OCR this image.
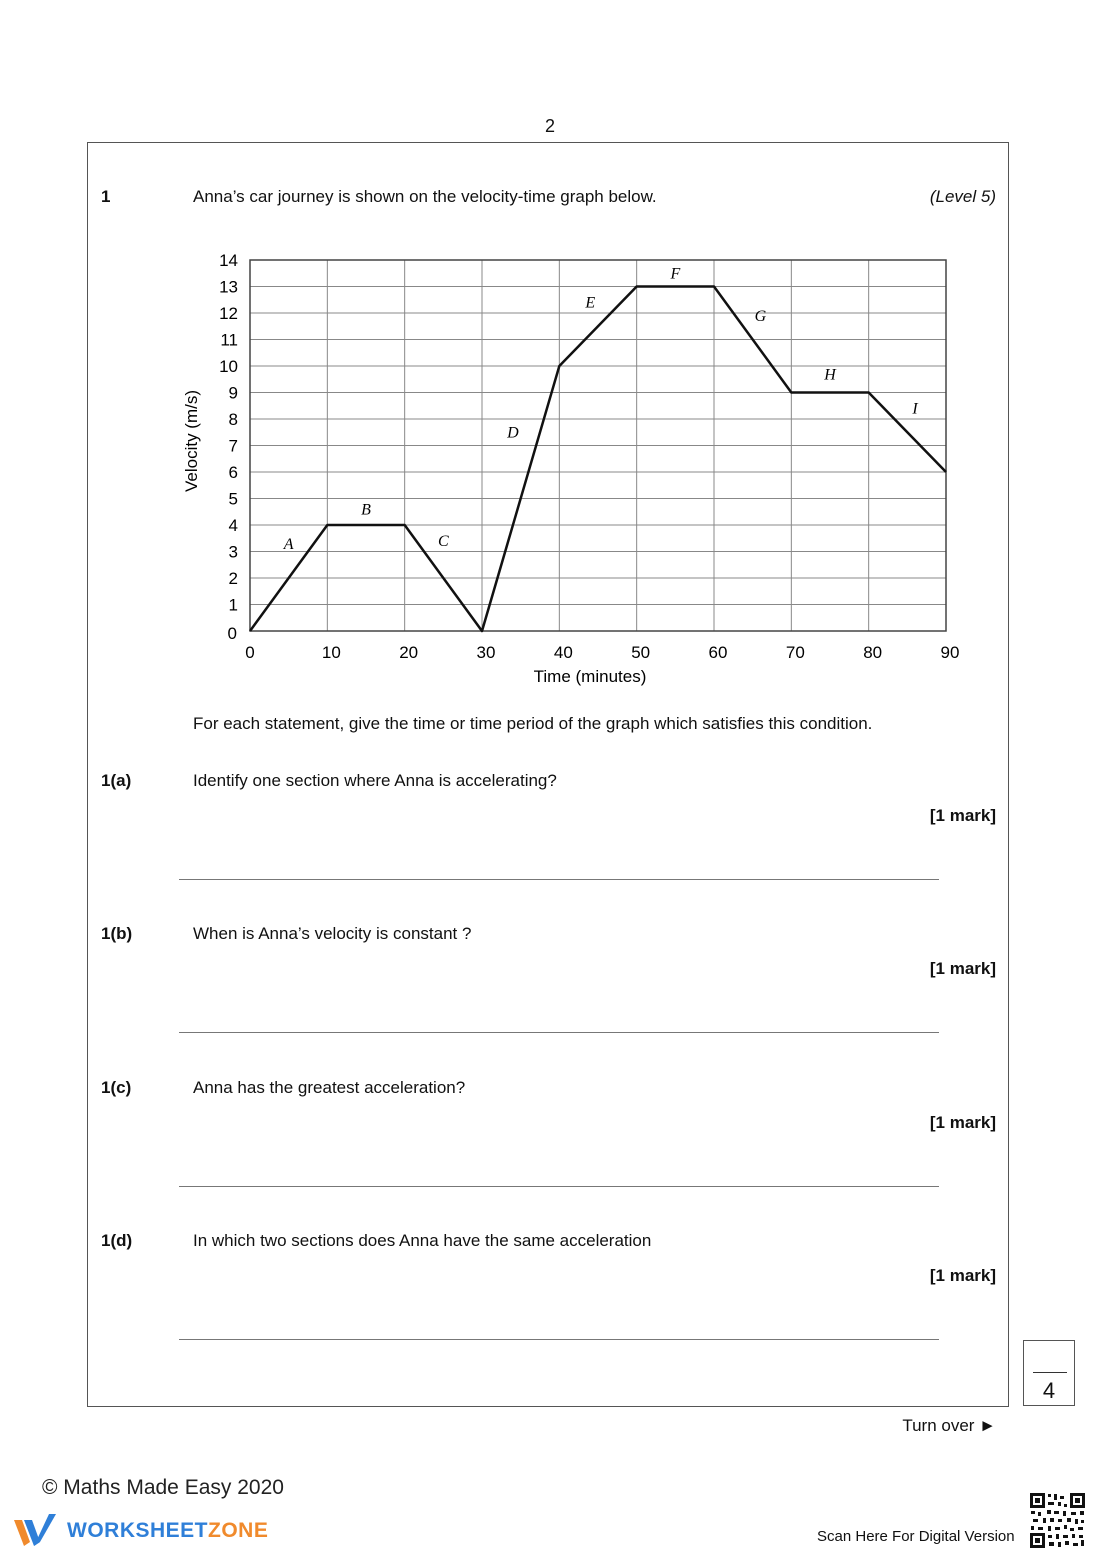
2
1	Anna’s car journey is shown on the velocity-time graph below.	(Level 5)
0
1
2
3
4
5
6
7
8
9
10
11
12
13
14
0	10	20	30	40	50	60	70	80	90
A
B
C
D
E
F
G
H
I
Time (minutes)
Velocity (m/s)
For each statement, give the time or time period of the graph which satisfies this condition.
1(a)	Identify one section where Anna is accelerating?
[1 mark]
1(b)	When is Anna’s velocity is constant ?
[1 mark]
1(c)	Anna has the greatest acceleration?
[1 mark]
1(d)	In which two sections does Anna have the same acceleration
[1 mark]
4
Turn over ►
© Maths Made Easy 2020
WORKSHEETZONE	Scan Here For Digital Version
